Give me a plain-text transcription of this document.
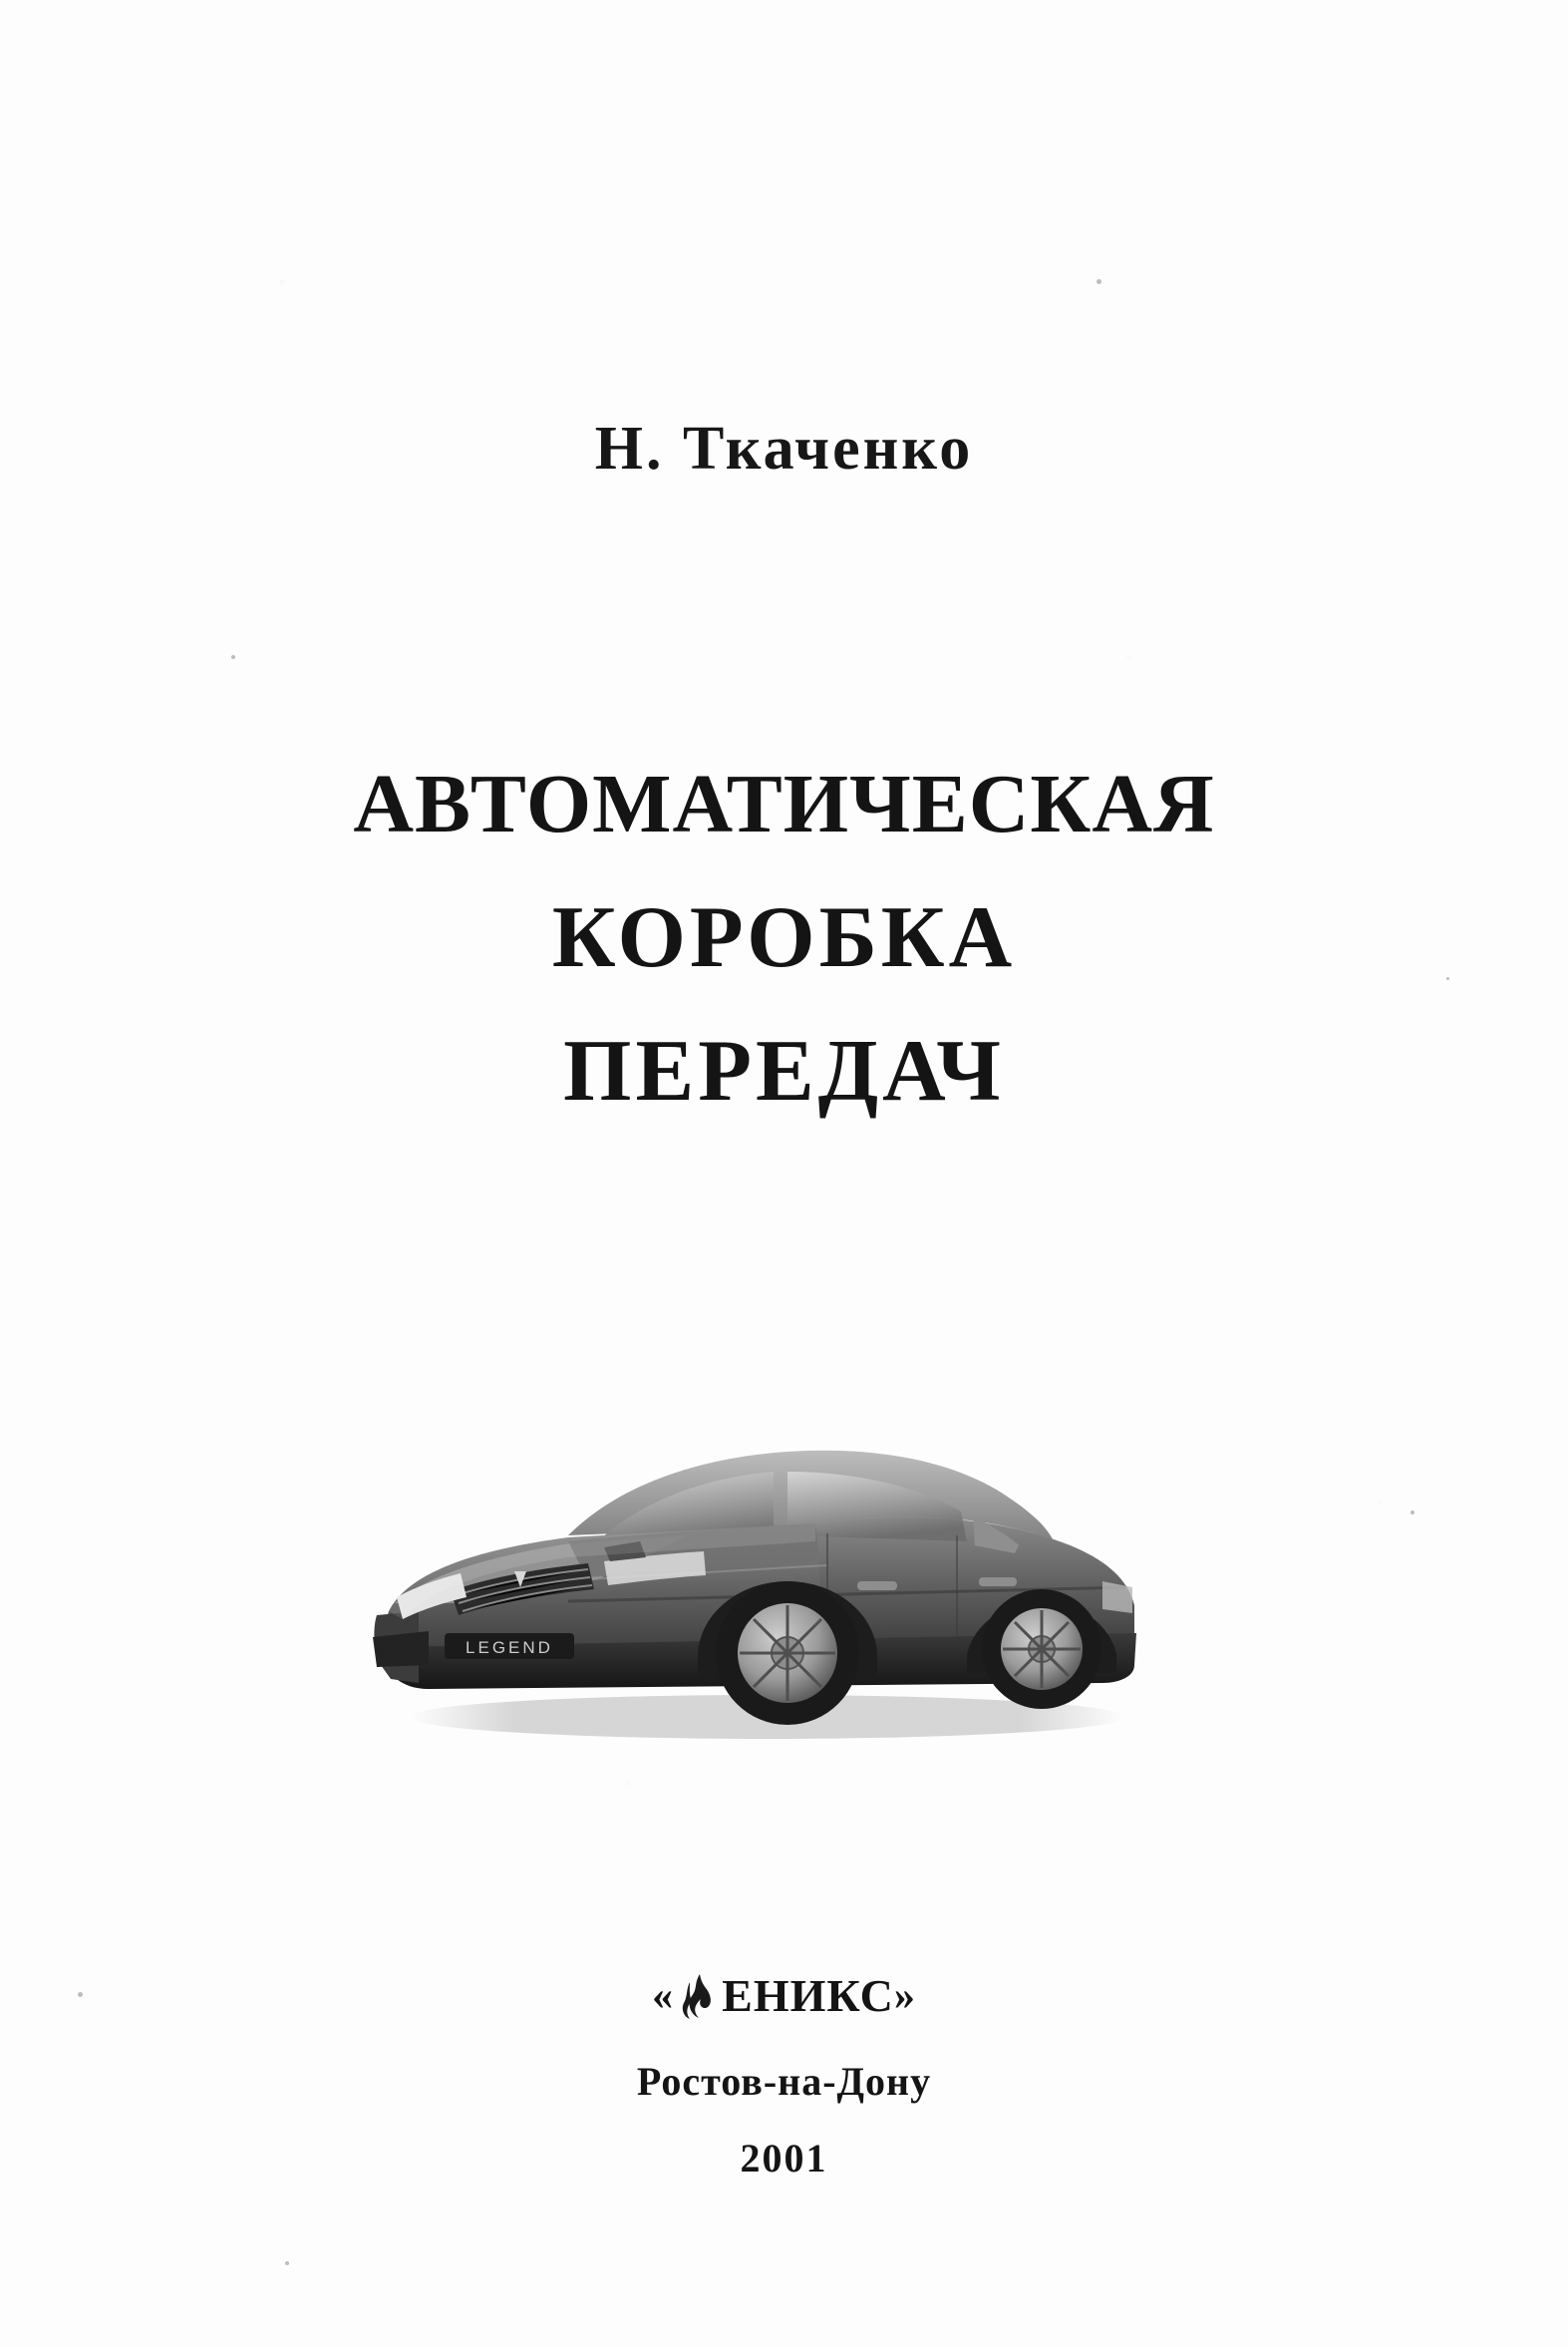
Н. Ткаченко
АВТОМАТИЧЕСКАЯ
КОРОБКА
ПЕРЕДАЧ
LEGEND
« ЕНИКС »
Ростов-на-Дону
2001
